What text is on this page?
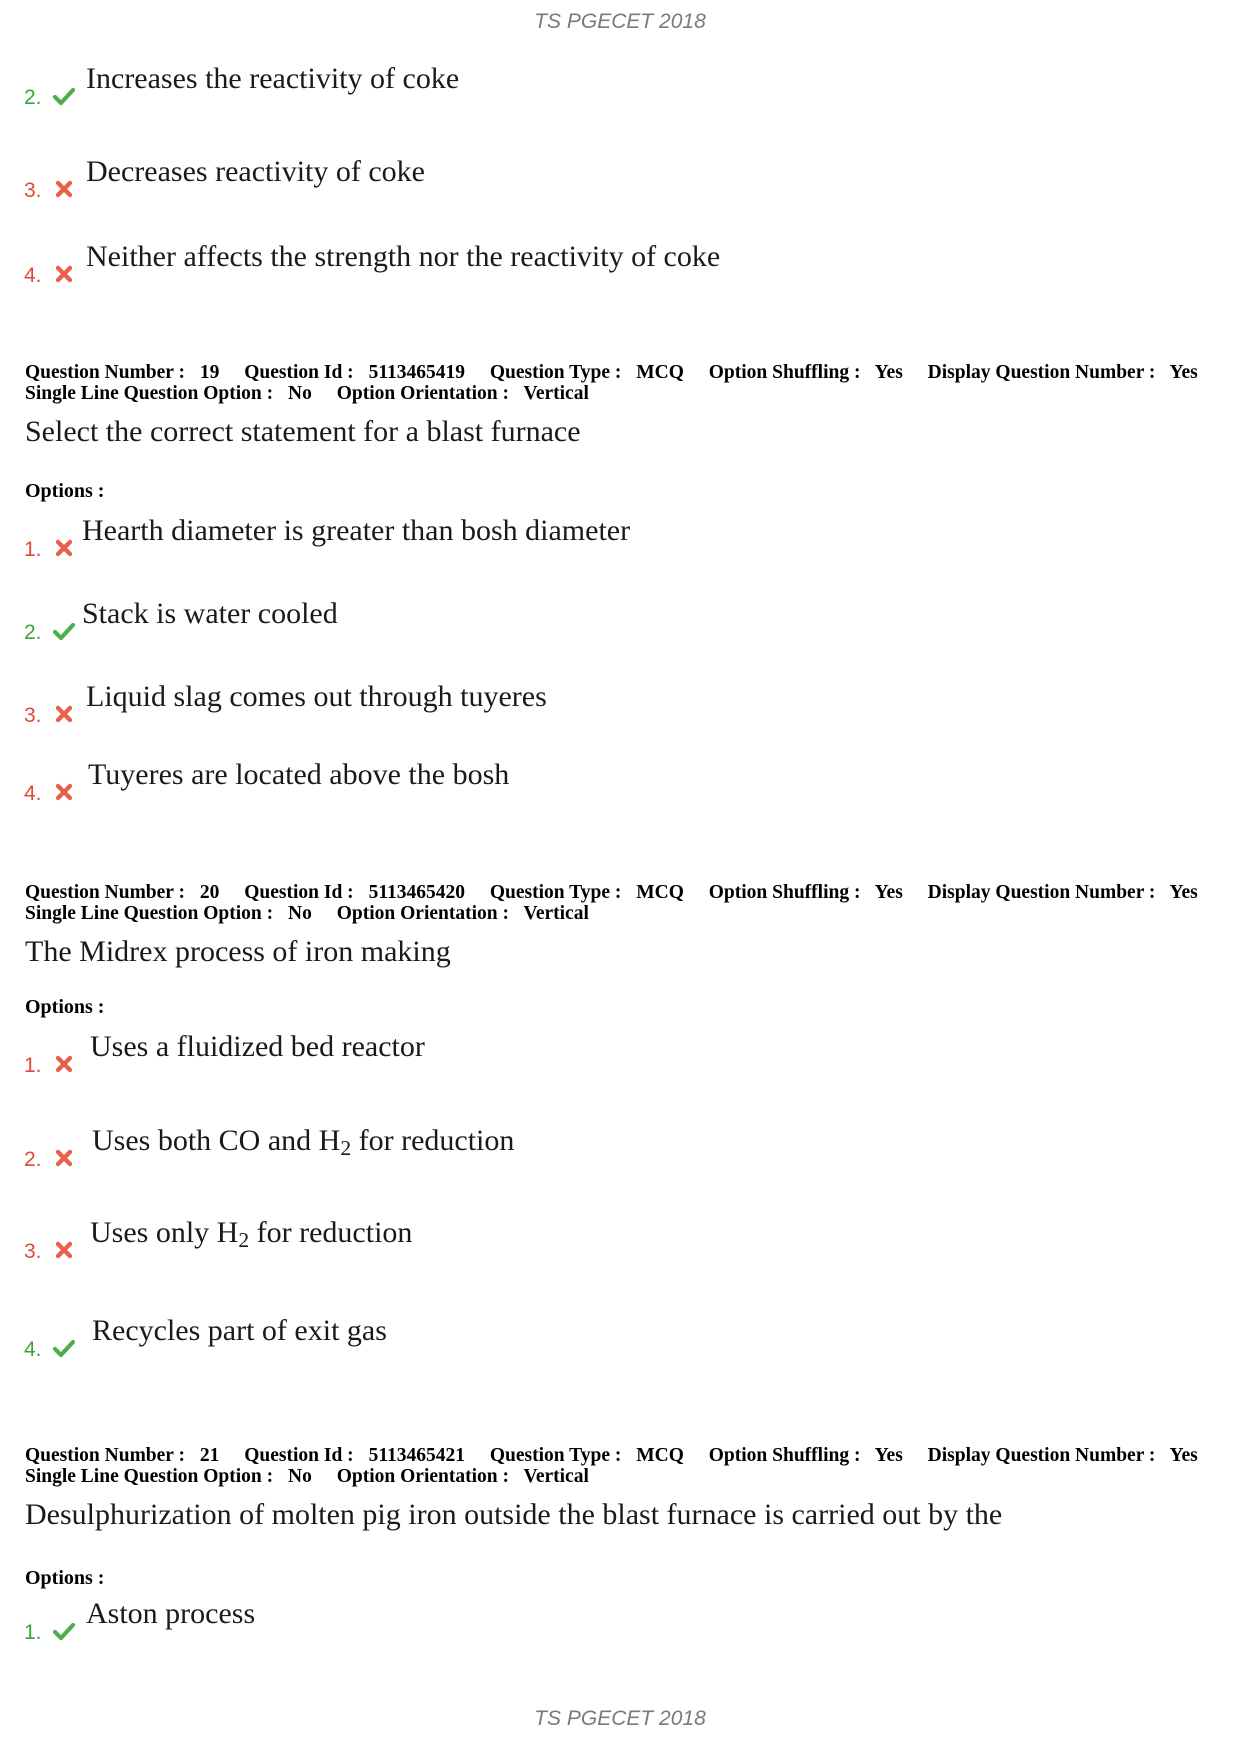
TS PGECET 2018
2.
Increases the reactivity of coke
3.
Decreases reactivity of coke
4.
Neither affects the strength nor the reactivity of coke
Question Number : 19 Question Id : 5113465419 Question Type : MCQ Option Shuffling : Yes Display Question Number : Yes
Single Line Question Option : No Option Orientation : Vertical
Select the correct statement for a blast furnace
Options :
1.
Hearth diameter is greater than bosh diameter
2.
Stack is water cooled
3.
Liquid slag comes out through tuyeres
4.
Tuyeres are located above the bosh
Question Number : 20 Question Id : 5113465420 Question Type : MCQ Option Shuffling : Yes Display Question Number : Yes
Single Line Question Option : No Option Orientation : Vertical
The Midrex process of iron making
Options :
1.
Uses a fluidized bed reactor
2.
Uses both CO and $H_2$ for reduction
3.
Uses only $H_2$ for reduction
4.
Recycles part of exit gas
Question Number : 21 Question Id : 5113465421 Question Type : MCQ Option Shuffling : Yes Display Question Number : Yes
Single Line Question Option : No Option Orientation : Vertical
Desulphurization of molten pig iron outside the blast furnace is carried out by the
Options :
1.
Aston process
TS PGECET 2018
